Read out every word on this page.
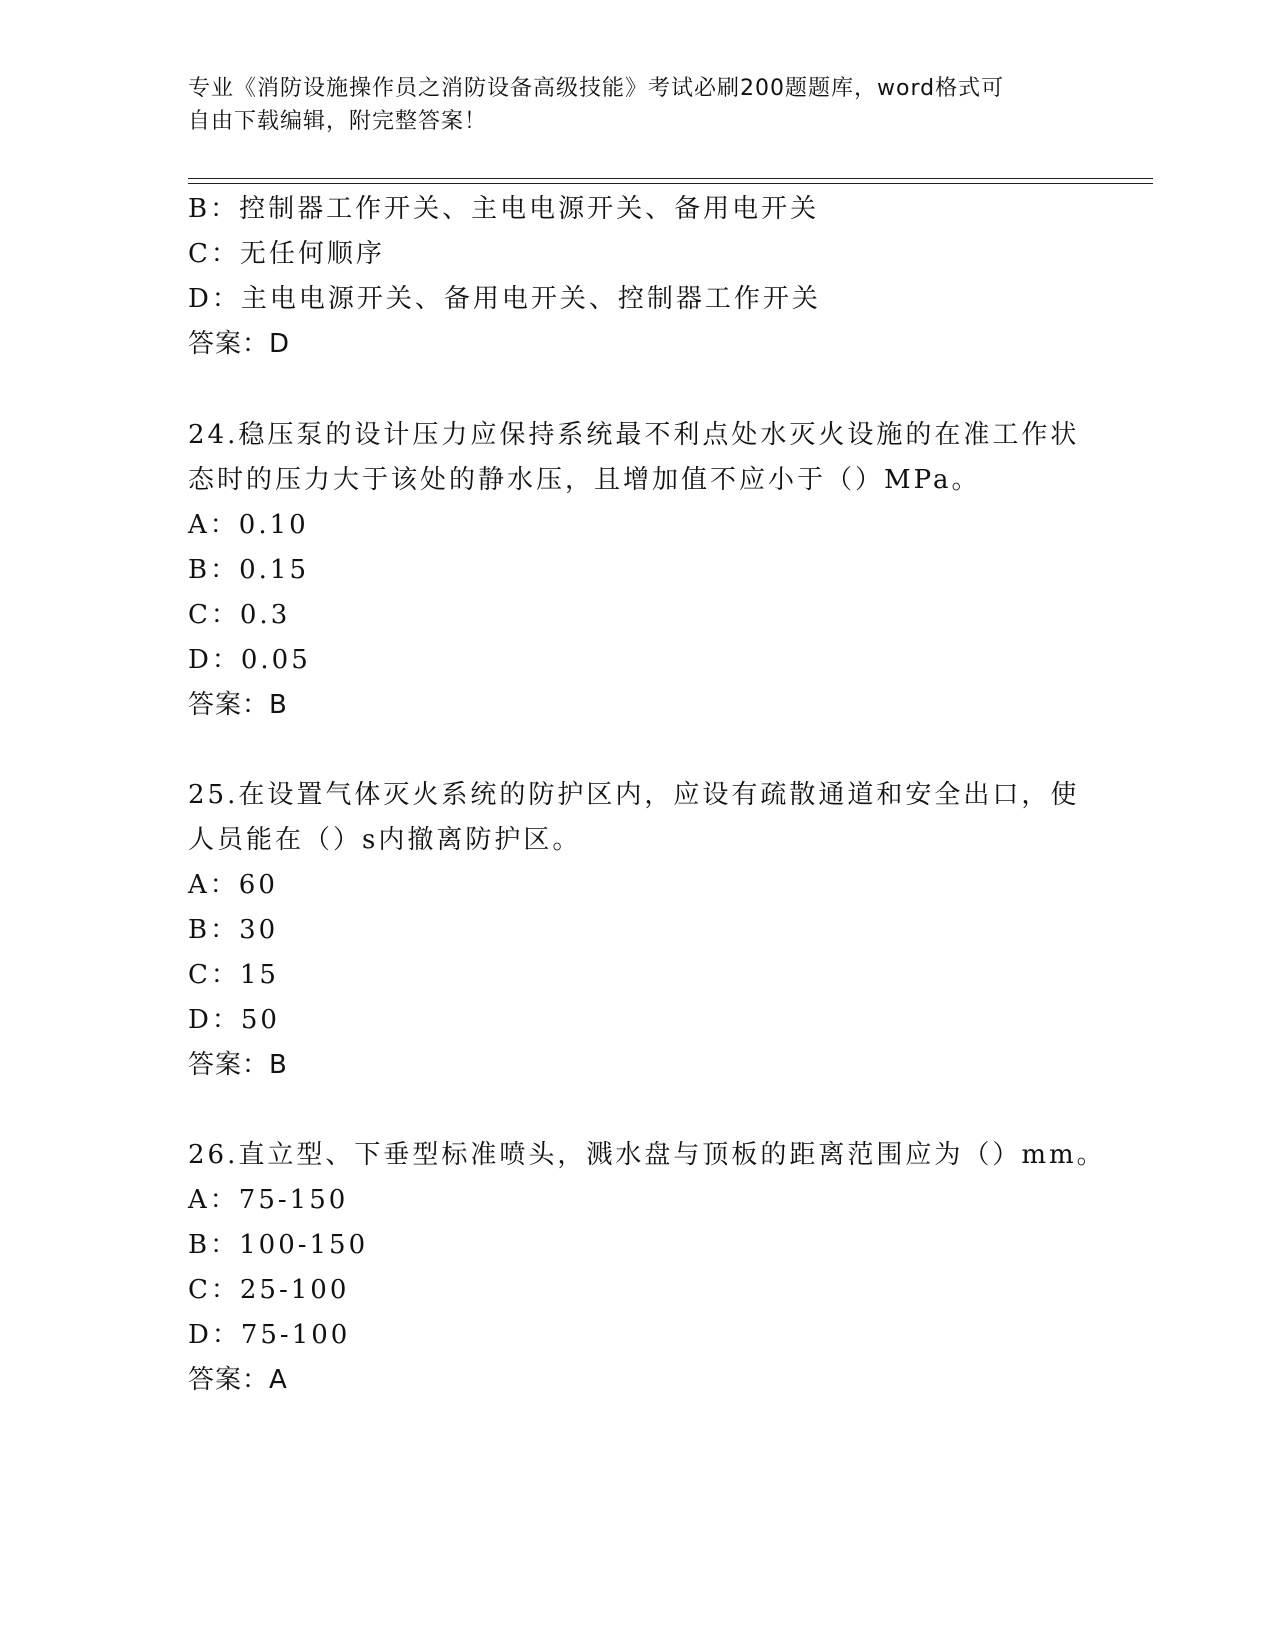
专业《消防设施操作员之消防设备高级技能》考试必刷200题题库，word格式可
自由下载编辑，附完整答案！
B：控制器工作开关、主电电源开关、备用电开关
C：无任何顺序
D：主电电源开关、备用电开关、控制器工作开关
答案：D
24.稳压泵的设计压力应保持系统最不利点处水灭火设施的在准工作状
态时的压力大于该处的静水压，且增加值不应小于（）MPa。
A：0.10
B：0.15
C：0.3
D：0.05
答案：B
25.在设置气体灭火系统的防护区内，应设有疏散通道和安全出口，使
人员能在（）s内撤离防护区。
A：60
B：30
C：15
D：50
答案：B
26.直立型、下垂型标准喷头，溅水盘与顶板的距离范围应为（）mm。
A：75-150
B：100-150
C：25-100
D：75-100
答案：A
